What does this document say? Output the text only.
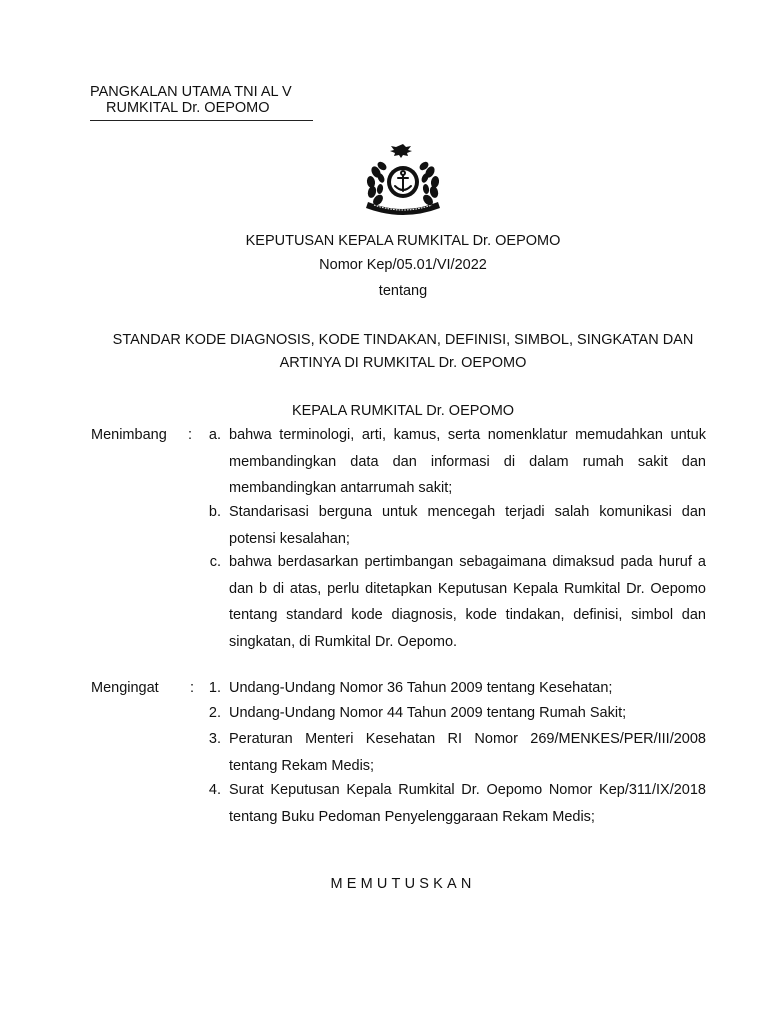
PANGKALAN UTAMA TNI AL V
RUMKITAL Dr. OEPOMO
KEPUTUSAN KEPALA RUMKITAL Dr. OEPOMO
Nomor Kep/05.01/VI/2022
tentang
STANDAR KODE DIAGNOSIS, KODE TINDAKAN, DEFINISI, SIMBOL, SINGKATAN DAN
ARTINYA DI RUMKITAL Dr. OEPOMO
KEPALA RUMKITAL Dr. OEPOMO
Menimbang :	a. bahwa terminologi, arti, kamus, serta nomenklatur memudahkan untuk membandingkan data dan informasi di dalam rumah sakit dan membandingkan antarrumah sakit;
b. Standarisasi berguna untuk mencegah terjadi salah komunikasi dan potensi kesalahan;
c. bahwa berdasarkan pertimbangan sebagaimana dimaksud pada huruf a dan b di atas, perlu ditetapkan Keputusan Kepala Rumkital Dr. Oepomo tentang standard kode diagnosis, kode tindakan, definisi, simbol dan singkatan, di Rumkital Dr. Oepomo.
Mengingat :	1. Undang-Undang Nomor 36 Tahun 2009 tentang Kesehatan;
2. Undang-Undang Nomor 44 Tahun 2009 tentang Rumah Sakit;
3. Peraturan Menteri Kesehatan RI Nomor 269/MENKES/PER/III/2008 tentang Rekam Medis;
4. Surat Keputusan Kepala Rumkital Dr. Oepomo Nomor Kep/311/IX/2018 tentang Buku Pedoman Penyelenggaraan Rekam Medis;
MEMUTUSKAN
